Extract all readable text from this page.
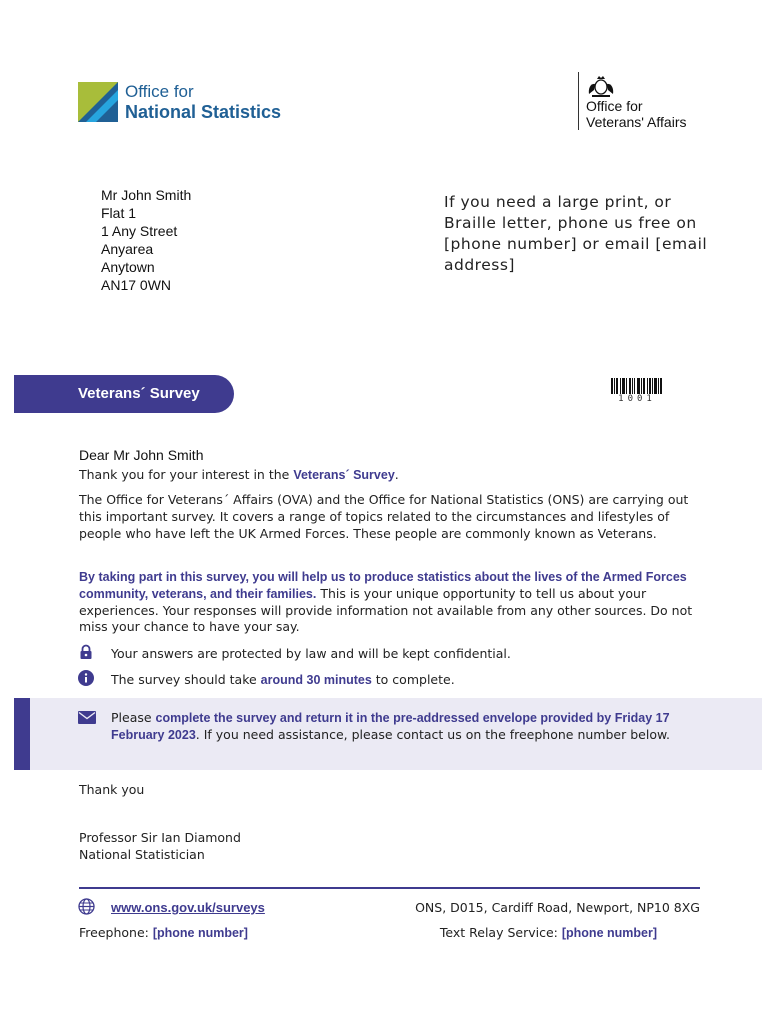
Office for
National Statistics	Office for
Veterans' Affairs
Mr John Smith
Flat 1
1 Any Street
Anyarea
Anytown
AN17 0WN
If you need a large print, or Braille letter, phone us free on [phone number] or email [email address]
Veterans´ Survey	1001
Dear Mr John Smith
Thank you for your interest in the Veterans´ Survey.
The Office for Veterans´ Affairs (OVA) and the Office for National Statistics (ONS) are carrying out this important survey. It covers a range of topics related to the circumstances and lifestyles of people who have left the UK Armed Forces. These people are commonly known as Veterans.
By taking part in this survey, you will help us to produce statistics about the lives of the Armed Forces community, veterans, and their families. This is your unique opportunity to tell us about your experiences. Your responses will provide information not available from any other sources. Do not miss your chance to have your say.
Your answers are protected by law and will be kept confidential.
The survey should take around 30 minutes to complete.
Please complete the survey and return it in the pre-addressed envelope provided by Friday 17 February 2023. If you need assistance, please contact us on the freephone number below.
Thank you
Professor Sir Ian Diamond
National Statistician
www.ons.gov.uk/surveys
Freephone: [phone number]
ONS, D015, Cardiff Road, Newport, NP10 8XG
Text Relay Service: [phone number]
